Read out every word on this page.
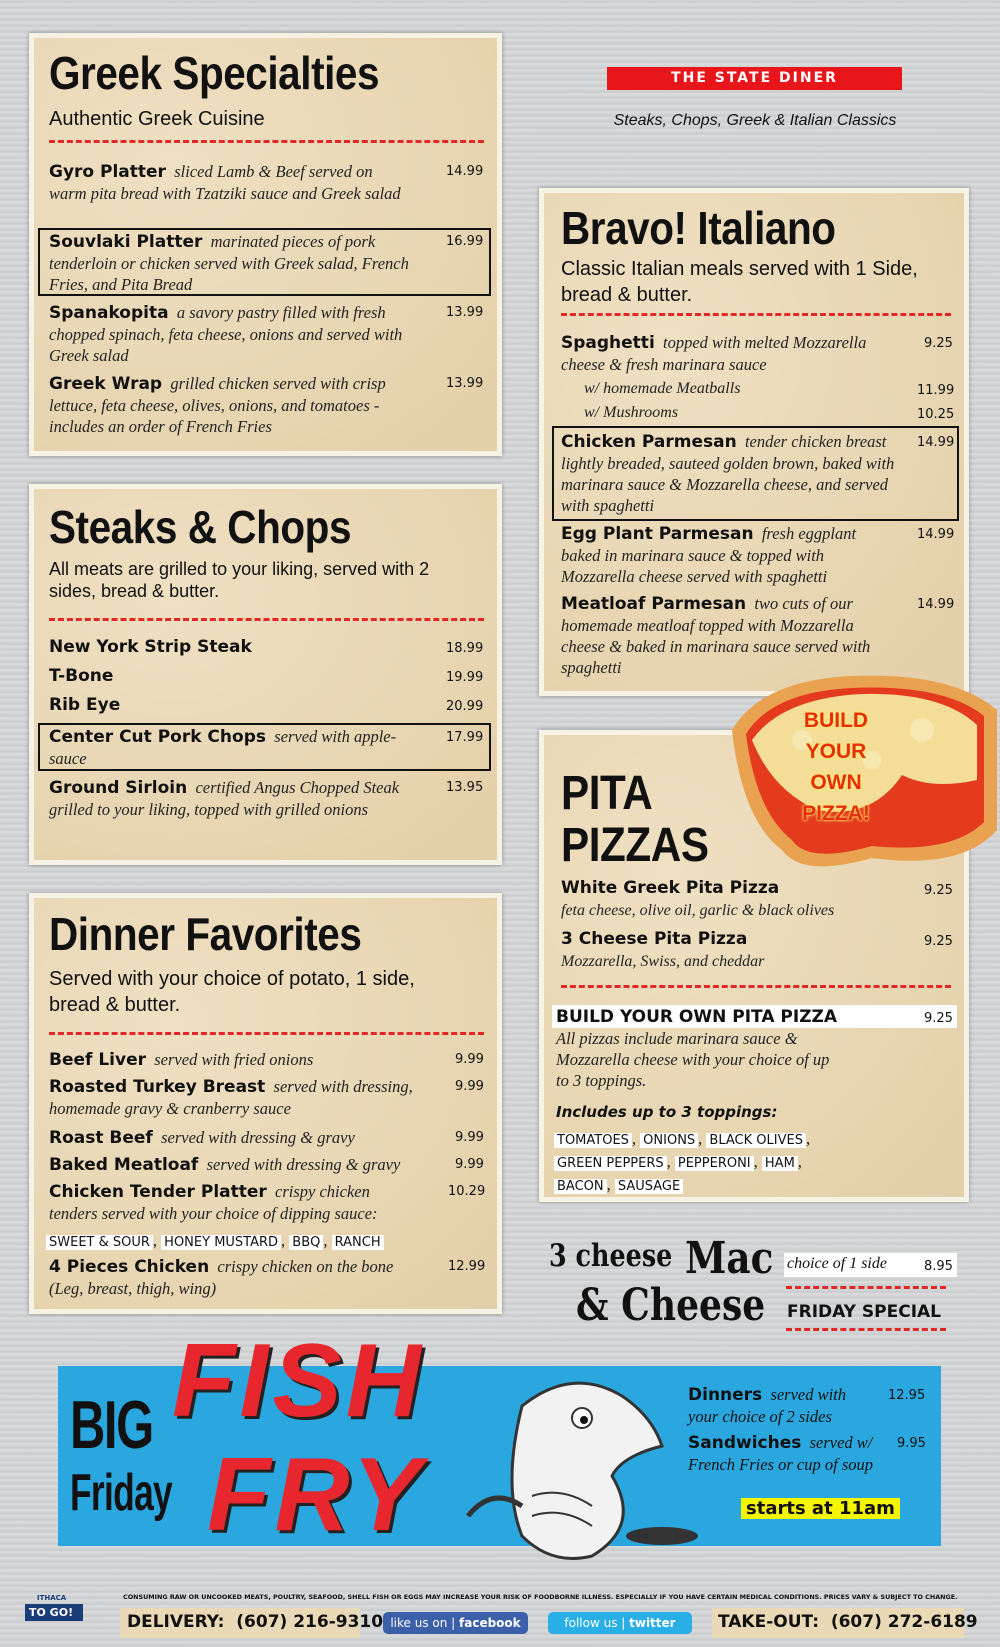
THE STATE DINER
Steaks, Chops, Greek & Italian Classics
Greek Specialties
Authentic Greek Cuisine
Gyro Platter sliced Lamb & Beef served on warm pita bread with Tzatziki sauce and Greek salad
14.99
Souvlaki Platter marinated pieces of pork tenderloin or chicken served with Greek salad, French Fries, and Pita Bread
16.99
Spanakopita a savory pastry filled with fresh chopped spinach, feta cheese, onions and served with Greek salad
13.99
Greek Wrap grilled chicken served with crisp lettuce, feta cheese, olives, onions, and tomatoes - includes an order of French Fries
13.99
Steaks & Chops
All meats are grilled to your liking, served with 2 sides, bread & butter.
New York Strip Steak	18.99
T-Bone	19.99
Rib Eye	20.99
Center Cut Pork Chops served with apple-sauce
17.99
Ground Sirloin certified Angus Chopped Steak grilled to your liking, topped with grilled onions
13.95
Dinner Favorites
Served with your choice of potato, 1 side, bread & butter.
Beef Liver served with fried onions	9.99
Roasted Turkey Breast served with dressing, homemade gravy & cranberry sauce
9.99
Roast Beef served with dressing & gravy	9.99
Baked Meatloaf served with dressing & gravy	9.99
Chicken Tender Platter crispy chicken tenders served with your choice of dipping sauce:
10.29
SWEET & SOUR , HONEY MUSTARD , BBQ , RANCH
4 Pieces Chicken crispy chicken on the bone (Leg, breast, thigh, wing)
12.99
Bravo! Italiano
Classic Italian meals served with 1 Side, bread & butter.
Spaghetti topped with melted Mozzarella cheese & fresh marinara sauce
9.25
w/ homemade Meatballs	11.99
w/ Mushrooms	10.25
Chicken Parmesan tender chicken breast lightly breaded, sauteed golden brown, baked with marinara sauce & Mozzarella cheese, and served with spaghetti
14.99
Egg Plant Parmesan fresh eggplant baked in marinara sauce & topped with Mozzarella cheese served with spaghetti
14.99
Meatloaf Parmesan two cuts of our homemade meatloaf topped with Mozzarella cheese & baked in marinara sauce served with spaghetti
14.99
BUILD
YOUR
OWN
PIZZA!
PITA
PIZZAS
White Greek Pita Pizza
feta cheese, olive oil, garlic & black olives
9.25
3 Cheese Pita Pizza
Mozzarella, Swiss, and cheddar
9.25
BUILD YOUR OWN PITA PIZZA	9.25
All pizzas include marinara sauce & Mozzarella cheese with your choice of up to 3 toppings.
Includes up to 3 toppings:
TOMATOES , ONIONS , BLACK OLIVES ,
GREEN PEPPERS , PEPPERONI , HAM ,
BACON , SAUSAGE
3 cheese Mac
& Cheese
choice of 1 side	8.95
FRIDAY SPECIAL
BIG
Friday
FISH
FRY
Dinners served with your choice of 2 sides
12.95
Sandwiches served w/ French Fries or cup of soup
9.95
starts at 11am
ITHACA
TO GO!
CONSUMING RAW OR UNCOOKED MEATS, POULTRY, SEAFOOD, SHELL FISH OR EGGS MAY INCREASE YOUR RISK OF FOODBORNE ILLNESS. ESPECIALLY IF YOU HAVE CERTAIN MEDICAL CONDITIONS. PRICES VARY & SUBJECT TO CHANGE.
DELIVERY:  (607) 216-9310 like us on | facebook	follow us | twitter	TAKE-OUT:  (607) 272-6189
